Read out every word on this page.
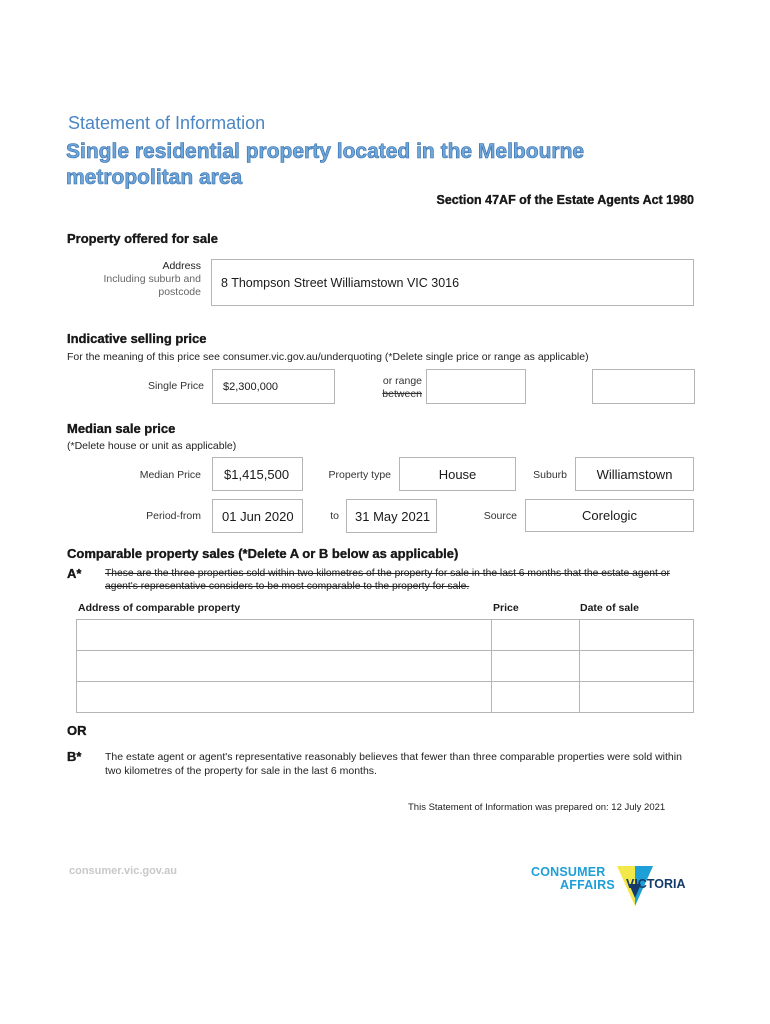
Statement of Information
Single residential property located in the Melbourne metropolitan area
Section 47AF of the Estate Agents Act 1980
Property offered for sale
Address
Including suburb and
postcode
8 Thompson Street Williamstown VIC 3016
Indicative selling price
For the meaning of this price see consumer.vic.gov.au/underquoting (*Delete single price or range as applicable)
Single Price	$2,300,000	or range
between
Median sale price
(*Delete house or unit as applicable)
Median Price	$1,415,500	Property type	House	Suburb	Williamstown
Period-from	01 Jun 2020	to	31 May 2021	Source	Corelogic
Comparable property sales (*Delete A or B below as applicable)
A* These are the three properties sold within two kilometres of the property for sale in the last 6 months that the estate agent or agent's representative considers to be most comparable to the property for sale.
Address of comparable property	Price	Date of sale

OR
B* The estate agent or agent's representative reasonably believes that fewer than three comparable properties were sold within two kilometres of the property for sale in the last 6 months.
This Statement of Information was prepared on: 12 July 2021
consumer.vic.gov.au	CONSUMER
AFFAIRS VICTORIA
